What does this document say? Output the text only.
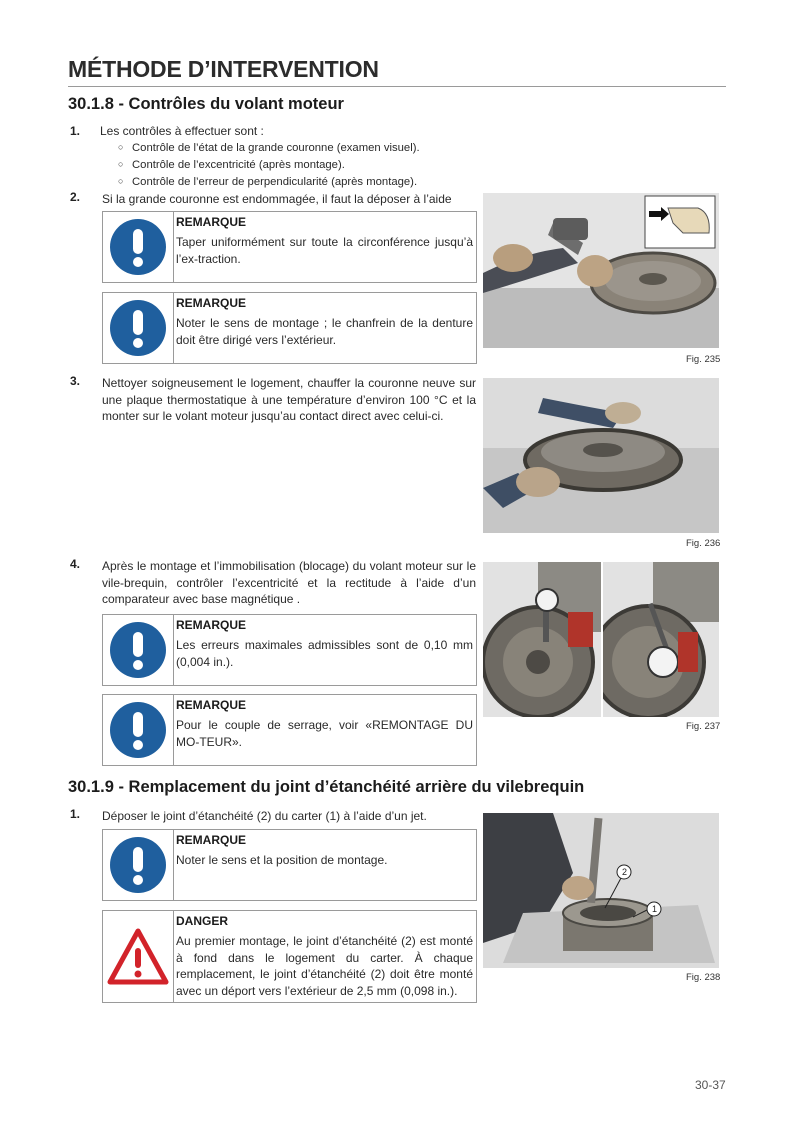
MÉTHODE D’INTERVENTION
30.1.8 - Contrôles du volant moteur
1. Les contrôles à effectuer sont :
○ Contrôle de l’état de la grande couronne (examen visuel).
○ Contrôle de l’excentricité (après montage).
○ Contrôle de l’erreur de perpendicularité (après montage).
2. Si la grande couronne est endommagée, il faut la déposer à l’aide
REMARQUE
Taper uniformément sur toute la circonférence jusqu’à l’ex-traction.
REMARQUE
Noter le sens de montage ; le chanfrein de la denture doit être dirigé vers l’extérieur.
Fig. 235
3. Nettoyer soigneusement le logement, chauffer la couronne neuve sur une plaque thermostatique à une température d’environ 100 °C et la monter sur le volant moteur jusqu’au contact direct avec celui-ci.
Fig. 236
4. Après le montage et l’immobilisation (blocage) du volant moteur sur le vile-brequin, contrôler l’excentricité et la rectitude à l’aide d’un comparateur avec base magnétique .
REMARQUE
Les erreurs maximales admissibles sont de 0,10 mm (0,004 in.).
REMARQUE
Pour le couple de serrage, voir «REMONTAGE DU MO-TEUR».
Fig. 237
30.1.9 - Remplacement du joint d’étanchéité arrière du vilebrequin
1. Déposer le joint d’étanchéité (2) du carter (1) à l’aide d’un jet.
REMARQUE
Noter le sens et la position de montage.
DANGER
Au premier montage, le joint d’étanchéité (2) est monté à fond dans le logement du carter. À chaque remplacement, le joint d’étanchéité (2) doit être monté avec un déport vers l’extérieur de 2,5 mm (0,098 in.).
2
1
Fig. 238
30-37
